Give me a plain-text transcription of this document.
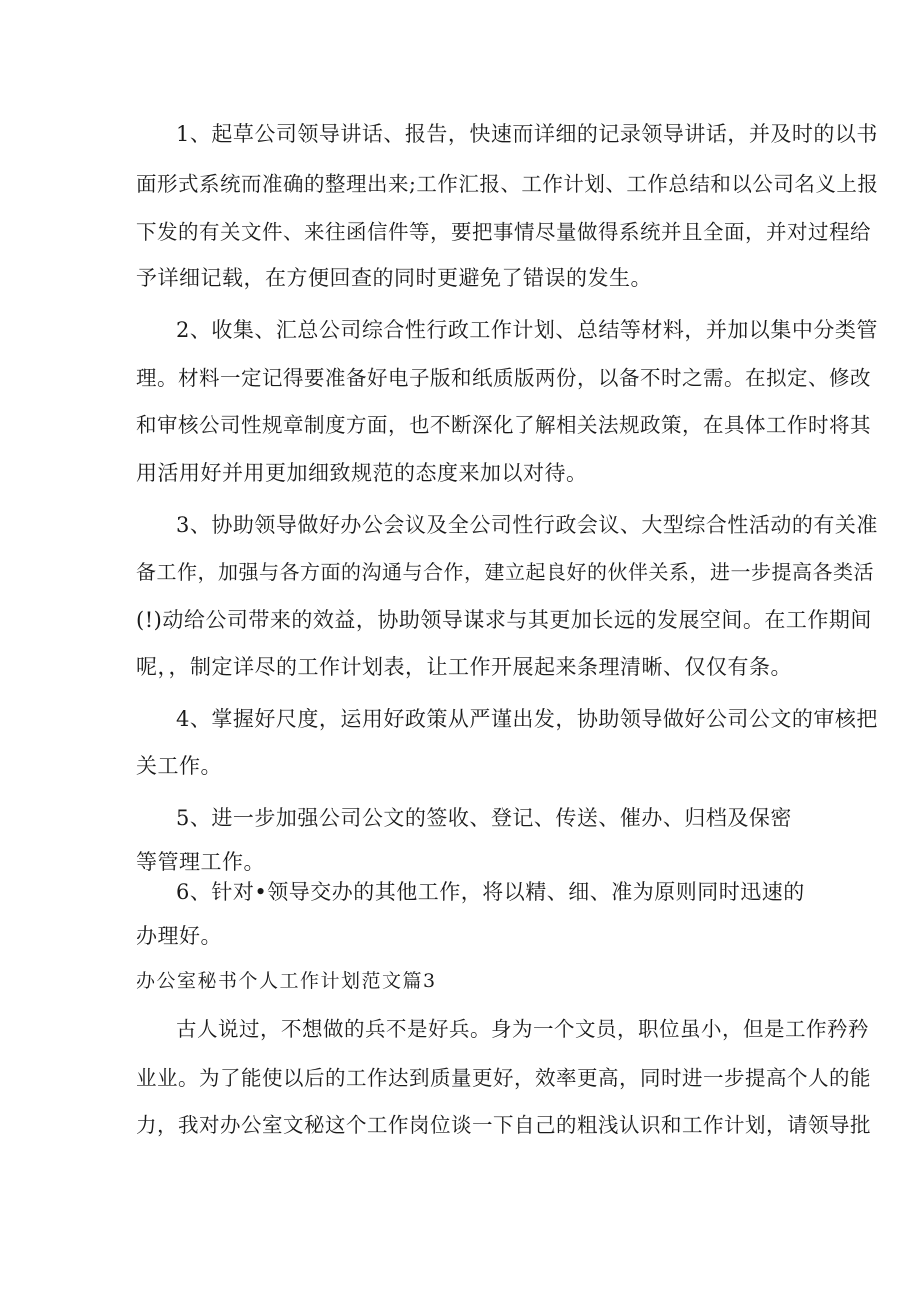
1、起草公司领导讲话、报告，快速而详细的记录领导讲话，并及时的以书
面形式系统而准确的整理出来;工作汇报、工作计划、工作总结和以公司名义上报
下发的有关文件、来往函信件等，要把事情尽量做得系统并且全面，并对过程给
予详细记载，在方便回查的同时更避免了错误的发生。
2、收集、汇总公司综合性行政工作计划、总结等材料，并加以集中分类管
理。材料一定记得要准备好电子版和纸质版两份，以备不时之需。在拟定、修改
和审核公司性规章制度方面，也不断深化了解相关法规政策，在具体工作时将其
用活用好并用更加细致规范的态度来加以对待。
3、协助领导做好办公会议及全公司性行政会议、大型综合性活动的有关准
备工作，加强与各方面的沟通与合作，建立起良好的伙伴关系，进一步提高各类活
(!)动给公司带来的效益，协助领导谋求与其更加长远的发展空间。在工作期间
呢，，制定详尽的工作计划表，让工作开展起来条理清晰、仅仅有条。
4、掌握好尺度，运用好政策从严谨出发，协助领导做好公司公文的审核把
关工作。
5、进一步加强公司公文的签收、登记、传送、催办、归档及保密
等管理工作。
6、针对•领导交办的其他工作，将以精、细、准为原则同时迅速的
办理好。
办公室秘书个人工作计划范文篇3
古人说过，不想做的兵不是好兵。身为一个文员，职位虽小，但是工作矜矜
业业。为了能使以后的工作达到质量更好，效率更高，同时进一步提高个人的能
力，我对办公室文秘这个工作岗位谈一下自己的粗浅认识和工作计划，请领导批
